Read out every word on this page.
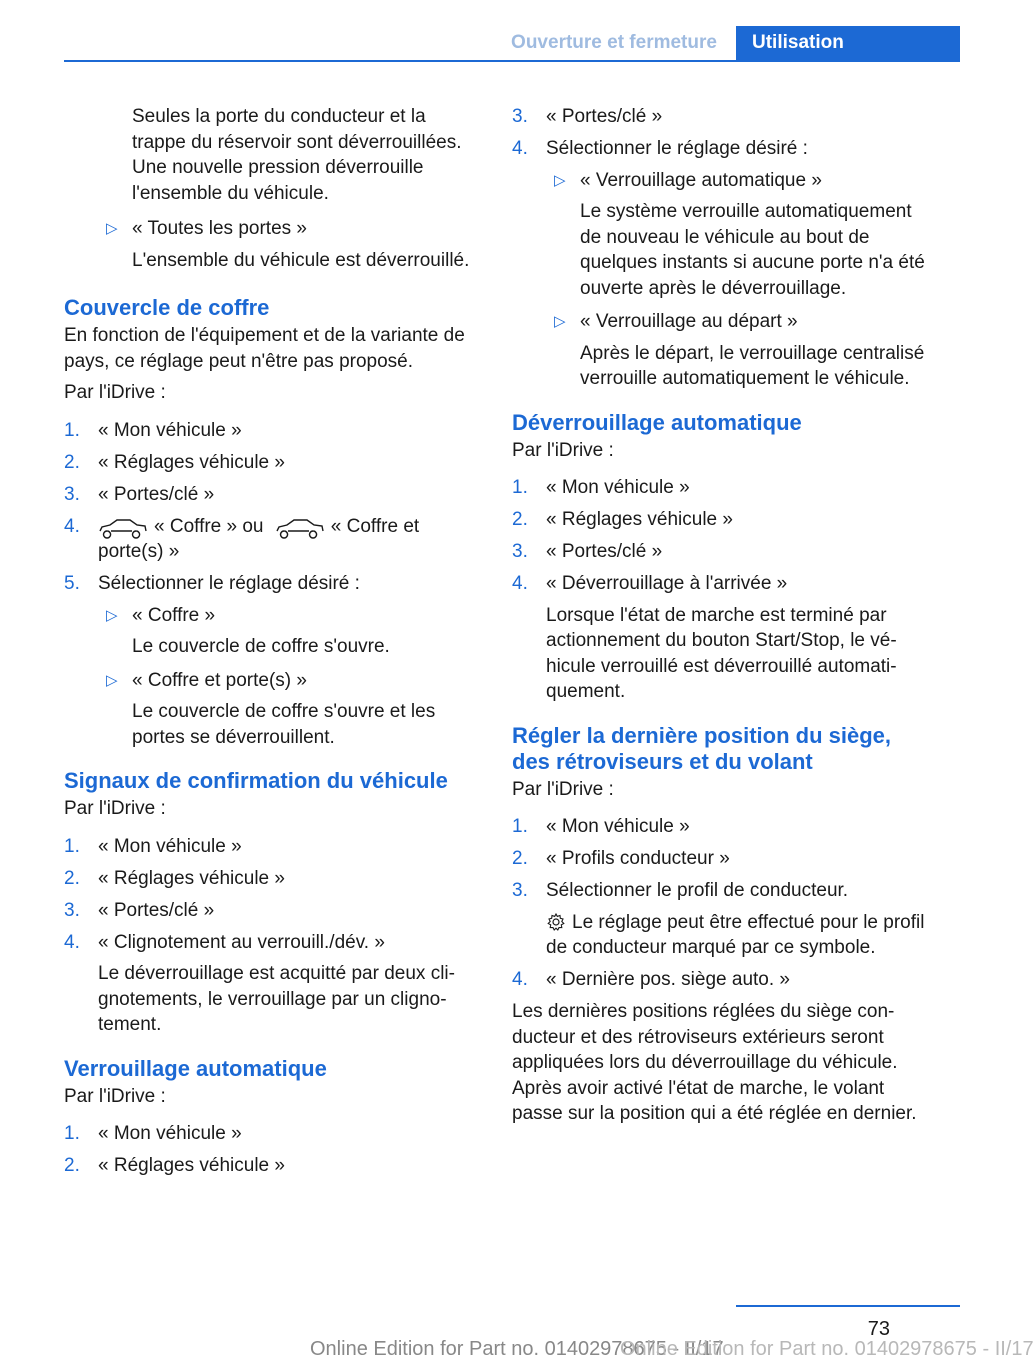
Ouverture et fermeture	Utilisation

Seules la porte du conducteur et la trappe du réservoir sont déverrouillées. Une nouvelle pression déverrouille l'ensemble du véhicule.

▷ « Toutes les portes »
L'ensemble du véhicule est déverrouillé.
Couvercle de coffre

En fonction de l'équipement et de la variante de pays, ce réglage peut n'être pas proposé.

Par l'iDrive :

1. « Mon véhicule »
2. « Réglages véhicule »
3. « Portes/clé »
4.	« Coffre » ou	« Coffre et porte(s) »
5. Sélectionner le réglage désiré :
▷ « Coffre »
Le couvercle de coffre s'ouvre.
▷ « Coffre et porte(s) »
Le couvercle de coffre s'ouvre et les portes se déverrouillent.
Signaux de confirmation du véhicule

Par l'iDrive :

1. « Mon véhicule »
2. « Réglages véhicule »
3. « Portes/clé »
4. « Clignotement au verrouill./dév. »
Le déverrouillage est acquitté par deux clignotements, le verrouillage par un clignotement.
Verrouillage automatique

Par l'iDrive :

1. « Mon véhicule »
2. « Réglages véhicule »
3. « Portes/clé »
4. Sélectionner le réglage désiré :
▷ « Verrouillage automatique »
Le système verrouille automatiquement de nouveau le véhicule au bout de quelques instants si aucune porte n'a été ouverte après le déverrouillage.
▷ « Verrouillage au départ »
Après le départ, le verrouillage centralisé verrouille automatiquement le véhicule.
Déverrouillage automatique

Par l'iDrive :

1. « Mon véhicule »
2. « Réglages véhicule »
3. « Portes/clé »
4. « Déverrouillage à l'arrivée »
Lorsque l'état de marche est terminé par actionnement du bouton Start/Stop, le véhicule verrouillé est déverrouillé automatiquement.
Régler la dernière position du siège, des rétroviseurs et du volant

Par l'iDrive :

1. « Mon véhicule »
2. « Profils conducteur »
3. Sélectionner le profil de conducteur.
Le réglage peut être effectué pour le profil de conducteur marqué par ce symbole.
4. « Dernière pos. siège auto. »

Les dernières positions réglées du siège conducteur et des rétroviseurs extérieurs seront appliquées lors du déverrouillage du véhicule. Après avoir activé l'état de marche, le volant passe sur la position qui a été réglée en dernier.

73
Online Edition for Part no. 01402978675 - II/17
Online Edition for Part no. 01402978675 - II/17
